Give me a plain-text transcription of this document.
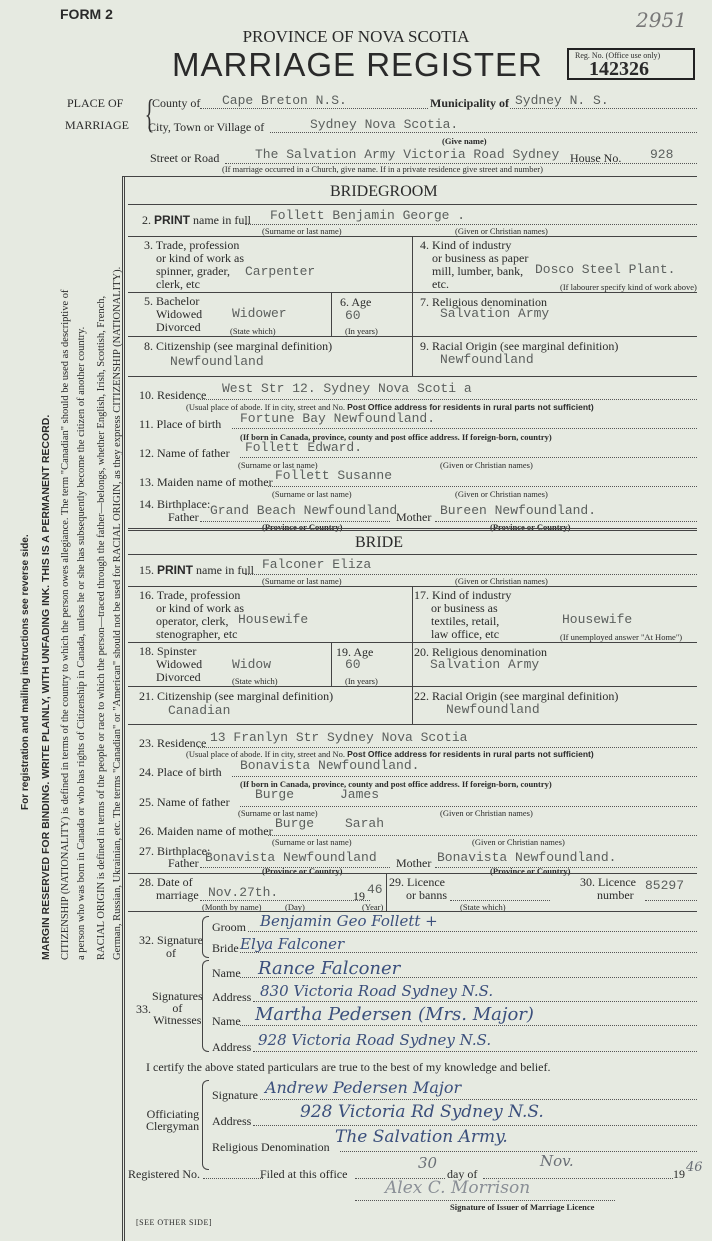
FORM 2	2951
PROVINCE OF NOVA SCOTIA
MARRIAGE REGISTER	Reg. No. (Office use only)
142326
PLACE OF
MARRIAGE {
County of Cape Breton N.S.	Municipality of Sydney N. S.
City, Town or Village of	Sydney Nova Scotia.
(Give name)
Street or Road	The Salvation Army Victoria Road Sydney House No. 928
(If marriage occurred in a Church, give name. If in a private residence give street and number)
For registration and mailing instructions see reverse side. MARGIN RESERVED FOR BINDING. WRITE PLAINLY, WITH UNFADING INK. THIS IS A PERMANENT RECORD. CITIZENSHIP (NATIONALITY) is defined in terms of the country to which the person owes allegiance. The term "Canadian" should be used as descriptive of a person who was born in Canada or who has rights of Citizenship in Canada, unless he or she has subsequently become the citizen of another country. RACIAL ORIGIN is defined in terms of the people or race to which the person—traced through the father—belongs, whether English, Irish, Scottish, French, German, Russian, Ukrainian, etc. The terms "Canadian" or "American" should not be used for RACIAL ORIGIN, as they express CITIZENSHIP (NATIONALITY).
BRIDEGROOM
2. PRINT name in full Follett Benjamin George .
(Surname or last name)	(Given or Christian names)
3. Trade, profession
or kind of work as
spinner, grader,
clerk, etc
Carpenter
4. Kind of industry
or business as paper
mill, lumber, bank,
etc.
Dosco Steel Plant.
(If labourer specify kind of work above)
5. Bachelor
Widowed
Divorced
Widower
(State which)
6. Age
60
(In years)
7. Religious denomination
Salvation Army
8. Citizenship (see marginal definition)
Newfoundland
9. Racial Origin (see marginal definition)
Newfoundland
10. Residence West Str 12. Sydney Nova Scoti a
(Usual place of abode. If in city, street and No. Post Office address for residents in rural parts not sufficient)
11. Place of birth Fortune Bay Newfoundland.
(If born in Canada, province, county and post office address. If foreign-born, country)
12. Name of father Follett Edward.
(Surname or last name)	(Given or Christian names)
13. Maiden name of mother Follett Susanne
(Surname or last name)	(Given or Christian names)
14. Birthplace:
Father Grand Beach Newfoundland
Mother Bureen Newfoundland.
(Province or Country)	(Province or Country)
BRIDE
15. PRINT name in full Falconer Eliza
(Surname or last name)	(Given or Christian names)
16. Trade, profession
or kind of work as
operator, clerk,
stenographer, etc
Housewife
17. Kind of industry
or business as
textiles, retail,
law office, etc
Housewife
(If unemployed answer "At Home")
18. Spinster
Widowed
Divorced
Widow
(State which)
19. Age
60
(In years)
20. Religious denomination
Salvation Army
21. Citizenship (see marginal definition)
Canadian
22. Racial Origin (see marginal definition)
Newfoundland
23. Residence 13 Franlyn Str Sydney Nova Scotia
(Usual place of abode. If in city, street and No. Post Office address for residents in rural parts not sufficient)
24. Place of birth Bonavista Newfoundland.
(If born in Canada, province, county and post office address. If foreign-born, country)
25. Name of father Burge	James
(Surname or last name)	(Given or Christian names)
26. Maiden name of mother Burge Sarah
(Surname or last name)	(Given or Christian names)
27. Birthplace:
Father Bonavista Newfoundland Mother Bonavista Newfoundland.
(Province or Country)	(Province or Country)
28. Date of
marriage Nov.27th.	19 46
(Month by name)	(Day)	(Year)
29. Licence
or banns
(State which)
30. Licence
number
85297
32. Signature
of
Groom Benjamin Geo Follett +
Bride Elya Falconer
33.
Signatures
of
Witnesses
Name Rance Falconer
Address 830 Victoria Road Sydney N.S.
Name Martha Pedersen (Mrs. Major)
Address 928 Victoria Road Sydney N.S.
I certify the above stated particulars are true to the best of my knowledge and belief.
Officiating
Clergyman
Signature Andrew Pedersen Major
Address	928 Victoria Rd Sydney N.S.
Religious Denomination The Salvation Army.
Registered No.	Filed at this office
30
day of
Nov.
19 46
Alex C. Morrison
Signature of Issuer of Marriage Licence
[SEE OTHER SIDE]
